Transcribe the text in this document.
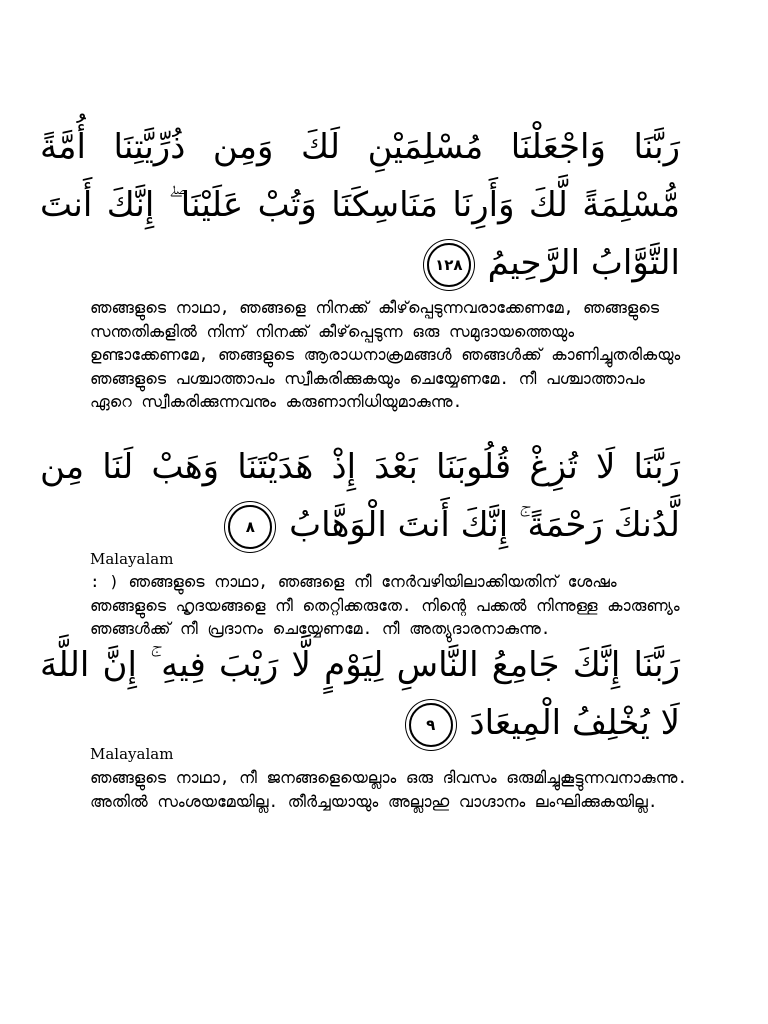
رَبَّنَا وَاجْعَلْنَا مُسْلِمَيْنِ لَكَ وَمِن ذُرِّيَّتِنَا أُمَّةً مُّسْلِمَةً لَّكَ وَأَرِنَا مَنَاسِكَنَا وَتُبْ عَلَيْنَا ۖ إِنَّكَ أَنتَ التَّوَّابُ الرَّحِيمُ ١٢٨
ഞങ്ങളുടെ നാഥാ, ഞങ്ങളെ നിനക്ക് കീഴ്‌പ്പെടുന്നവരാക്കേണമേ, ഞങ്ങളുടെ സന്തതികളില്‍ നിന്ന് നിനക്ക് കീഴ്‌പ്പെടുന്ന ഒരു സമുദായത്തെയും ഉണ്ടാക്കേണമേ, ഞങ്ങളുടെ ആരാധനാക്രമങ്ങള്‍ ഞങ്ങള്‍ക്ക് കാണിച്ചുതരികയും ഞങ്ങളുടെ പശ്ചാത്താപം സ്വീകരിക്കുകയും ചെയ്യേണമേ. നീ പശ്ചാത്താപം ഏറെ സ്വീകരിക്കുന്നവനും കരുണാനിധിയുമാകുന്നു.
رَبَّنَا لَا تُزِغْ قُلُوبَنَا بَعْدَ إِذْ هَدَيْتَنَا وَهَبْ لَنَا مِن لَّدُنكَ رَحْمَةً ۚ إِنَّكَ أَنتَ الْوَهَّابُ ٨
Malayalam
: ) ഞങ്ങളുടെ നാഥാ, ഞങ്ങളെ നീ നേര്‍വഴിയിലാക്കിയതിന് ശേഷം ഞങ്ങളുടെ ഹൃദയങ്ങളെ നീ തെറ്റിക്കരുതേ. നിന്റെ പക്കല്‍ നിന്നുള്ള കാരുണ്യം ഞങ്ങള്‍ക്ക് നീ പ്രദാനം ചെയ്യേണമേ. നീ അത്യുദാരനാകുന്നു.
رَبَّنَا إِنَّكَ جَامِعُ النَّاسِ لِيَوْمٍ لَّا رَيْبَ فِيهِ ۚ إِنَّ اللَّهَ لَا يُخْلِفُ الْمِيعَادَ ٩
Malayalam
ഞങ്ങളുടെ നാഥാ, നീ ജനങ്ങളെയെല്ലാം ഒരു ദിവസം ഒരുമിച്ചുകൂട്ടുന്നവനാകുന്നു. അതില്‍ സംശയമേയില്ല. തീര്‍ച്ചയായും അല്ലാഹു വാഗ്ദാനം ലംഘിക്കുകയില്ല.
